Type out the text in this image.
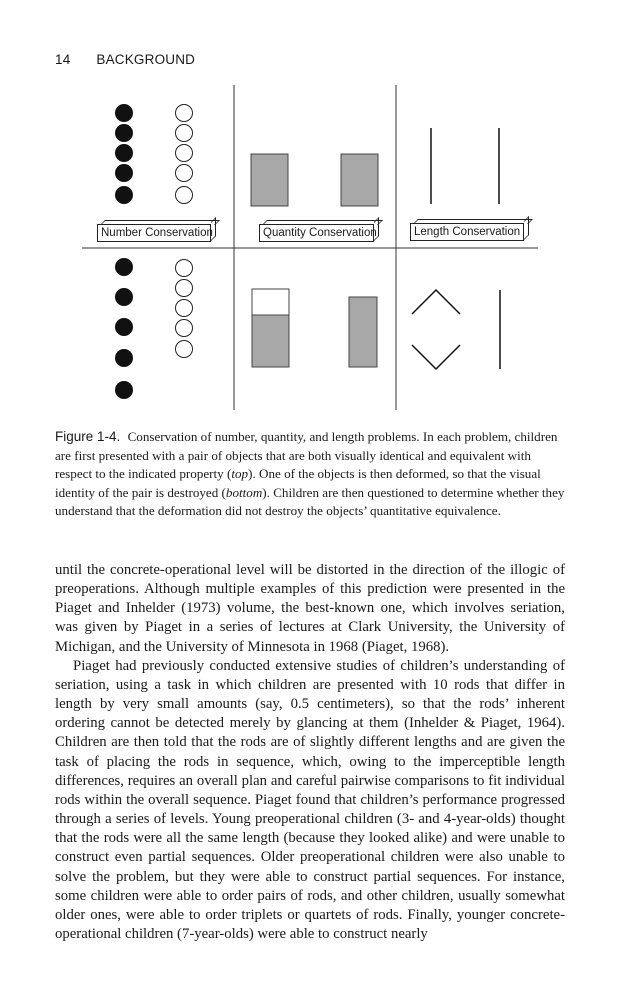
14 BACKGROUND
Number Conservation	Quantity Conservation	Length Conservation
Figure 1-4. Conservation of number, quantity, and length problems. In each problem, children are first presented with a pair of objects that are both visually identical and equivalent with respect to the indicated property (top). One of the objects is then deformed, so that the visual identity of the pair is destroyed (bottom). Children are then questioned to determine whether they understand that the deformation did not destroy the objects’ quantitative equivalence.

until the concrete-operational level will be distorted in the direction of the illogic of preoperations. Although multiple examples of this prediction were presented in the Piaget and Inhelder (1973) volume, the best-known one, which involves seriation, was given by Piaget in a series of lectures at Clark University, the University of Michigan, and the University of Minnesota in 1968 (Piaget, 1968).

Piaget had previously conducted extensive studies of children’s understanding of seriation, using a task in which children are presented with 10 rods that differ in length by very small amounts (say, 0.5 centimeters), so that the rods’ inherent ordering cannot be detected merely by glancing at them (Inhelder & Piaget, 1964). Children are then told that the rods are of slightly different lengths and are given the task of placing the rods in sequence, which, owing to the imperceptible length differences, requires an overall plan and careful pairwise comparisons to fit individual rods within the overall sequence. Piaget found that children’s performance progressed through a series of levels. Young preoperational children (3- and 4-year-olds) thought that the rods were all the same length (because they looked alike) and were unable to construct even partial sequences. Older preoperational children were also unable to solve the problem, but they were able to construct partial sequences. For instance, some children were able to order pairs of rods, and other children, usually somewhat older ones, were able to order triplets or quartets of rods. Finally, younger concrete-operational children (7-year-olds) were able to construct nearly
